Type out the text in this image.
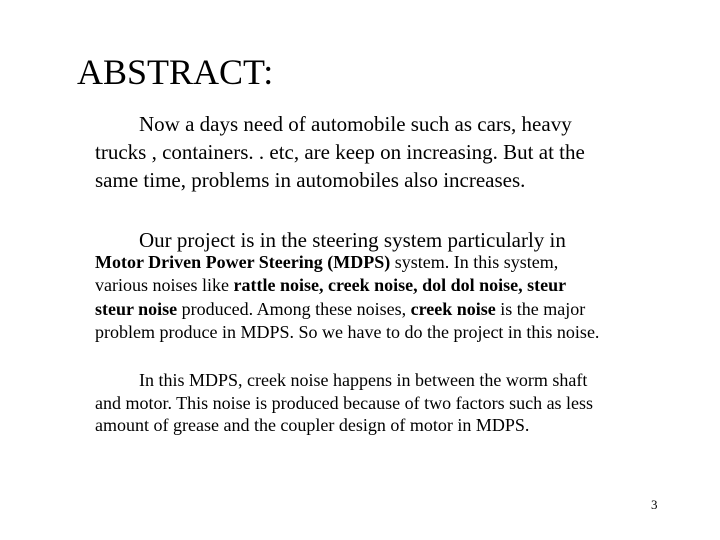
ABSTRACT:
Now a days need of automobile such as cars, heavy
trucks , containers. . etc, are keep on increasing. But at the
same time, problems in automobiles also increases.
Our project is in the steering system particularly in
Motor Driven Power Steering (MDPS) system. In this system,
various noises like rattle noise, creek noise, dol dol noise, steur
steur noise produced. Among these noises, creek noise is the major
problem produce in MDPS. So we have to do the project in this noise.
In this MDPS, creek noise happens in between the worm shaft
and motor. This noise is produced because of two factors such as less
amount of grease and the coupler design of motor in MDPS.
3
